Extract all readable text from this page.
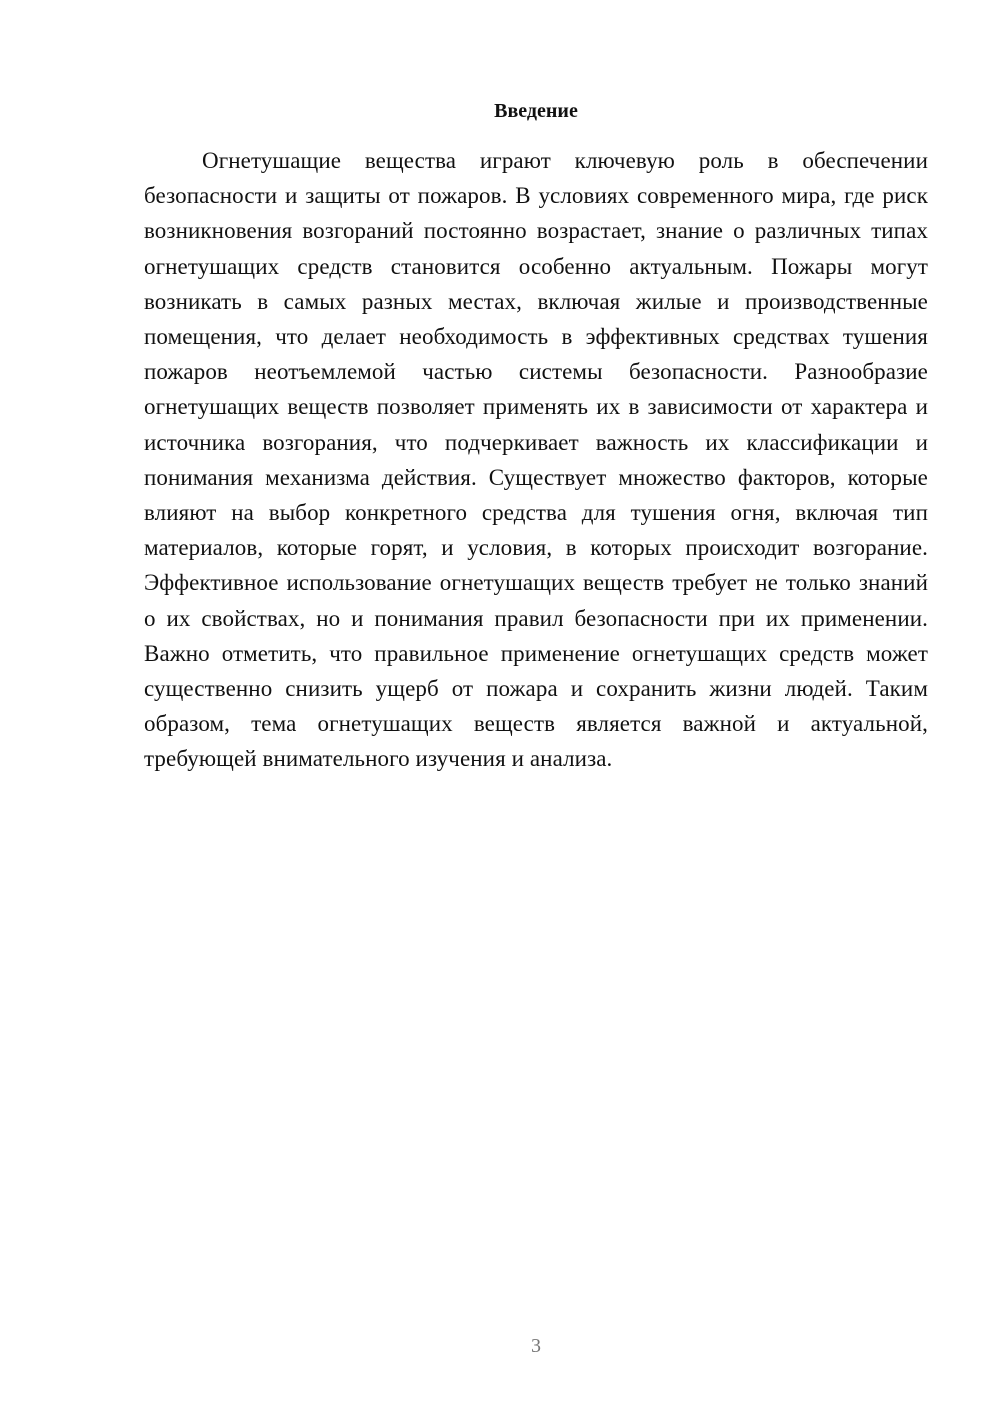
Введение

Огнетушащие вещества играют ключевую роль в обеспечении безопасности и защиты от пожаров. В условиях современного мира, где риск возникновения возгораний постоянно возрастает, знание о различных типах огнетушащих средств становится особенно актуальным. Пожары могут возникать в самых разных местах, включая жилые и производственные помещения, что делает необходимость в эффективных средствах тушения пожаров неотъемлемой частью системы безопасности. Разнообразие огнетушащих веществ позволяет применять их в зависимости от характера и источника возгорания, что подчеркивает важность их классификации и понимания механизма действия. Существует множество факторов, которые влияют на выбор конкретного средства для тушения огня, включая тип материалов, которые горят, и условия, в которых происходит возгорание. Эффективное использование огнетушащих веществ требует не только знаний о их свойствах, но и понимания правил безопасности при их применении. Важно отметить, что правильное применение огнетушащих средств может существенно снизить ущерб от пожара и сохранить жизни людей. Таким образом, тема огнетушащих веществ является важной и актуальной, требующей внимательного изучения и анализа.

3
